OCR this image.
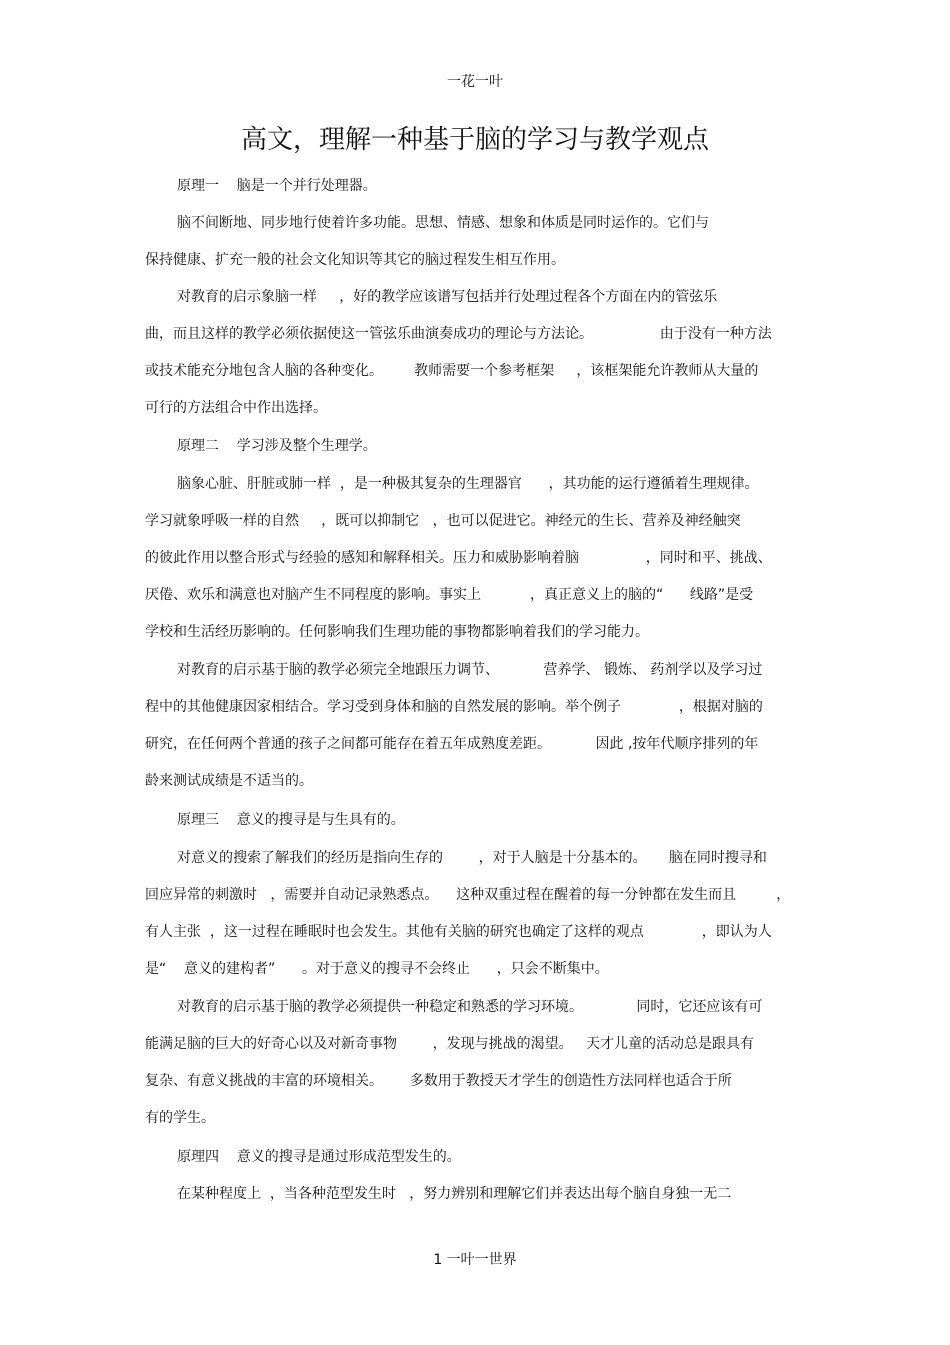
一花一叶
高文，理解一种基于脑的学习与教学观点
原理一    脑是一个并行处理器。
脑不间断地、同步地行使着许多功能。思想、情感、想象和体质是同时运作的。它们与
保持健康、扩充一般的社会文化知识等其它的脑过程发生相互作用。
对教育的启示象脑一样     ，好的教学应该谱写包括并行处理过程各个方面在内的管弦乐
曲，而且这样的教学必须依据使这一管弦乐曲演奏成功的理论与方法论。               由于没有一种方法
或技术能充分地包含人脑的各种变化。       教师需要一个参考框架     ，该框架能允许教师从大量的
可行的方法组合中作出选择。
原理二    学习涉及整个生理学。
脑象心脏、肝脏或肺一样  ，是一种极其复杂的生理器官      ，其功能的运行遵循着生理规律。
学习就象呼吸一样的自然     ，既可以抑制它   ，也可以促进它。神经元的生长、营养及神经触突
的彼此作用以整合形式与经验的感知和解释相关。压力和威胁影响着脑               ，同时和平、挑战、
厌倦、欢乐和满意也对脑产生不同程度的影响。事实上           ，真正意义上的脑的“      线路”是受
学校和生活经历影响的。任何影响我们生理功能的事物都影响着我们的学习能力。
对教育的启示基于脑的教学必须完全地跟压力调节、          营养学、 锻炼、 药剂学以及学习过
程中的其他健康因家相结合。学习受到身体和脑的自然发展的影响。举个例子             ，根据对脑的
研究，在任何两个普通的孩子之间都可能存在着五年成熟度差距。          因此 ,按年代顺序排列的年
龄来测试成绩是不适当的。
原理三    意义的搜寻是与生具有的。
对意义的搜索了解我们的经历是指向生存的        ，对于人脑是十分基本的。     脑在同时搜寻和
回应异常的刺激时   ，需要并自动记录熟悉点。    这种双重过程在醒着的每一分钟都在发生而且         ，
有人主张  ，这一过程在睡眠时也会发生。其他有关脑的研究也确定了这样的观点             ，即认为人
是“    意义的建构者”      。对于意义的搜寻不会终止      ，只会不断集中。
对教育的启示基于脑的教学必须提供一种稳定和熟悉的学习环境。            同时，它还应该有可
能满足脑的巨大的好奇心以及对新奇事物        ，发现与挑战的渴望。   天才儿童的活动总是跟具有
复杂、有意义挑战的丰富的环境相关。      多数用于教授天才学生的创造性方法同样也适合于所
有的学生。
原理四    意义的搜寻是通过形成范型发生的。
在某种程度上  ，当各种范型发生时   ，努力辨别和理解它们并表达出每个脑自身独一无二
1 一叶一世界
